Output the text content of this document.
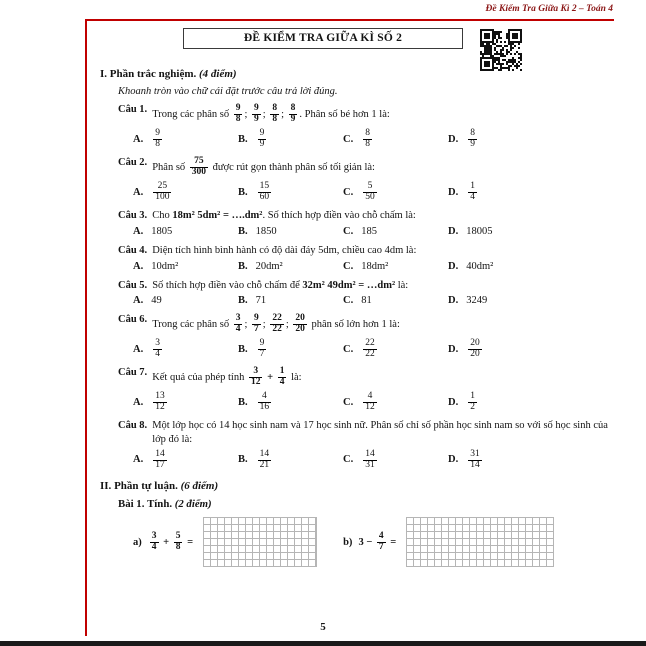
Đề Kiểm Tra Giữa Kì 2 – Toán 4
ĐỀ KIỂM TRA GIỮA KÌ SỐ 2
I. Phần trắc nghiệm. (4 điểm)
Khoanh tròn vào chữ cái đặt trước câu trả lời đúng.
Câu 1. Trong các phân số $\frac{9}{8}$ ; $\frac{9}{9}$ ; $\frac{8}{8}$ ; $\frac{8}{9}$ . Phân số bé hơn 1 là:
A. $\frac{9}{8}$	B. $\frac{9}{9}$	C. $\frac{8}{8}$	D. $\frac{8}{9}$
Câu 2. Phân số $\frac{75}{300}$ được rút gọn thành phân số tối giản là:
A. $\frac{25}{100}$	B. $\frac{15}{60}$	C. $\frac{5}{50}$	D. $\frac{1}{4}$
Câu 3. Cho 18m² 5dm² = ….dm². Số thích hợp điền vào chỗ chấm là:
A. 1805	B. 1850	C. 185	D. 18005
Câu 4. Diện tích hình bình hành có độ dài đáy 5dm, chiều cao 4dm là:
A. 10dm²	B. 20dm²	C. 18dm²	D. 40dm²
Câu 5. Số thích hợp điền vào chỗ chấm để 32m² 49dm² = …dm² là:
A. 49	B. 71	C. 81	D. 3249
Câu 6. Trong các phân số $\frac{3}{4}$ ; $\frac{9}{7}$ ; $\frac{22}{22}$ ; $\frac{20}{20}$ phân số lớn hơn 1 là:
A. $\frac{3}{4}$	B. $\frac{9}{7}$	C. $\frac{22}{22}$	D. $\frac{20}{20}$
Câu 7. Kết quả của phép tính $\frac{3}{12} + \frac{1}{4}$ là:
A. $\frac{13}{12}$	B. $\frac{4}{16}$	C. $\frac{4}{12}$	D. $\frac{1}{2}$
Câu 8. Một lớp học có 14 học sinh nam và 17 học sinh nữ. Phân số chỉ số phần học sinh nam so với số học sinh của lớp đó là:
A. $\frac{14}{17}$	B. $\frac{14}{21}$	C. $\frac{14}{31}$	D. $\frac{31}{14}$
II. Phần tự luận. (6 điểm)
Bài 1. Tính. (2 điểm)
$a) \frac{3}{4} + \frac{5}{8}$ =	b) $3 - \frac{4}{7}$ =
5
